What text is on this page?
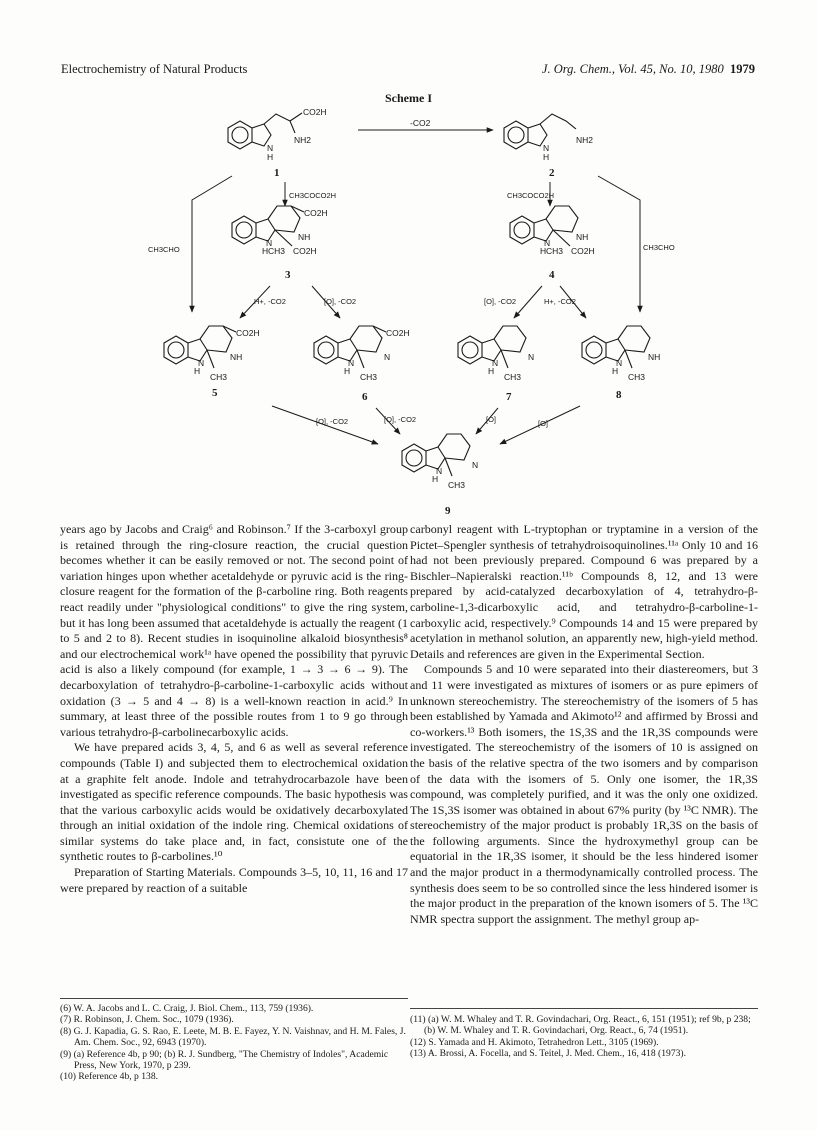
Electrochemistry of Natural Products	J. Org. Chem., Vol. 45, No. 10, 1980 1979
Scheme I
CO2H
NH2
N
H
1
-CO2
NH2
N
H
2
CH3COCO2H	CH3COCO2H
CH3CHO	CH3CHO
CO2H
NH
CO2H
CH3
N
H
3
NH
CO2H
CH3
N
H
4
H+, -CO2	[O], -CO2	[O], -CO2	H+, -CO2
CO2H
NH
CH3
N
H
5
CO2H
N
CH3
N
H
6
N
CH3
N
H
7
NH
CH3
N
H
8
[O], -CO2	[O], -CO2	[O]	[O]
N
CH3
N
H
9

years ago by Jacobs and Craig⁶ and Robinson.⁷ If the 3-carboxyl group is retained through the ring-closure reaction, the crucial question becomes whether it can be easily removed or not. The second point of variation hinges upon whether acetaldehyde or pyruvic acid is the ring-closure reagent for the formation of the β-carboline ring. Both reagents react readily under "physiological conditions" to give the ring system, but it has long been assumed that acetaldehyde is actually the reagent (1 to 5 and 2 to 8). Recent studies in isoquinoline alkaloid biosynthesis⁸ and our electrochemical work¹ᵃ have opened the possibility that pyruvic acid is also a likely compound (for example, 1 → 3 → 6 → 9). The decarboxylation of tetrahydro-β-carboline-1-carboxylic acids without oxidation (3 → 5 and 4 → 8) is a well-known reaction in acid.⁹ In summary, at least three of the possible routes from 1 to 9 go through various tetrahydro-β-carbolinecarboxylic acids.

We have prepared acids 3, 4, 5, and 6 as well as several reference compounds (Table I) and subjected them to electrochemical oxidation at a graphite felt anode. Indole and tetrahydrocarbazole have been investigated as specific reference compounds. The basic hypothesis was that the various carboxylic acids would be oxidatively decarboxylated through an initial oxidation of the indole ring. Chemical oxidations of similar systems do take place and, in fact, consistute one of the synthetic routes to β-carbolines.¹⁰

Preparation of Starting Materials. Compounds 3–5, 10, 11, 16 and 17 were prepared by reaction of a suitable

carbonyl reagent with L-tryptophan or tryptamine in a version of the Pictet–Spengler synthesis of tetrahydroisoquinolines.¹¹ᵃ Only 10 and 16 had not been previously prepared. Compound 6 was prepared by a Bischler–Napieralski reaction.¹¹ᵇ Compounds 8, 12, and 13 were prepared by acid-catalyzed decarboxylation of 4, tetrahydro-β-carboline-1,3-dicarboxylic acid, and tetrahydro-β-carboline-1-carboxylic acid, respectively.⁹ Compounds 14 and 15 were prepared by acetylation in methanol solution, an apparently new, high-yield method. Details and references are given in the Experimental Section.

Compounds 5 and 10 were separated into their diastereomers, but 3 and 11 were investigated as mixtures of isomers or as pure epimers of unknown stereochemistry. The stereochemistry of the isomers of 5 has been established by Yamada and Akimoto¹² and affirmed by Brossi and co-workers.¹³ Both isomers, the 1S,3S and the 1R,3S compounds were investigated. The stereochemistry of the isomers of 10 is assigned on the basis of the relative spectra of the two isomers and by comparison of the data with the isomers of 5. Only one isomer, the 1R,3S compound, was completely purified, and it was the only one oxidized. The 1S,3S isomer was obtained in about 67% purity (by ¹³C NMR). The stereochemistry of the major product is probably 1R,3S on the basis of the following arguments. Since the hydroxymethyl group can be equatorial in the 1R,3S isomer, it should be the less hindered isomer and the major product in a thermodynamically controlled process. The synthesis does seem to be so controlled since the less hindered isomer is the major product in the preparation of the known isomers of 5. The ¹³C NMR spectra support the assignment. The methyl group ap-

(6) W. A. Jacobs and L. C. Craig, J. Biol. Chem., 113, 759 (1936).
(7) R. Robinson, J. Chem. Soc., 1079 (1936).
(8) G. J. Kapadia, G. S. Rao, E. Leete, M. B. E. Fayez, Y. N. Vaishnav, and H. M. Fales, J. Am. Chem. Soc., 92, 6943 (1970).
(9) (a) Reference 4b, p 90; (b) R. J. Sundberg, "The Chemistry of Indoles", Academic Press, New York, 1970, p 239.
(10) Reference 4b, p 138.
(11) (a) W. M. Whaley and T. R. Govindachari, Org. React., 6, 151 (1951); ref 9b, p 238; (b) W. M. Whaley and T. R. Govindachari, Org. React., 6, 74 (1951).
(12) S. Yamada and H. Akimoto, Tetrahedron Lett., 3105 (1969).
(13) A. Brossi, A. Focella, and S. Teitel, J. Med. Chem., 16, 418 (1973).
